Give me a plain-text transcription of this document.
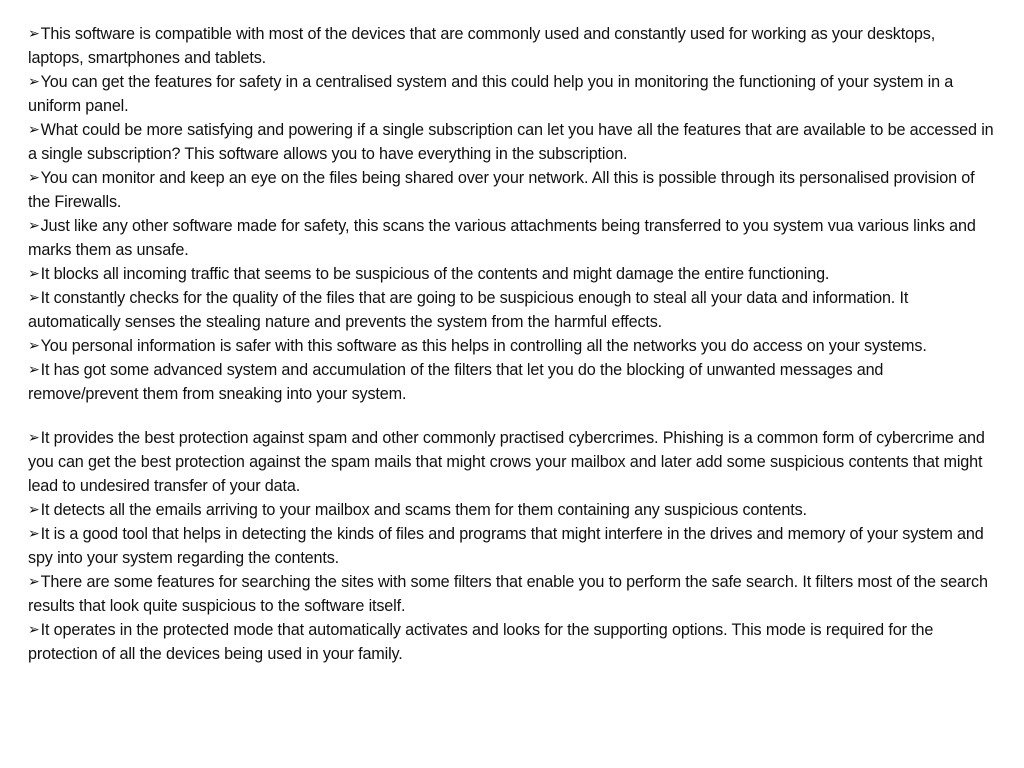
➢This software is compatible with most of the devices that are commonly used and constantly used for working as your desktops, laptops, smartphones and tablets.
➢You can get the features for safety in a centralised system and this could help you in monitoring the functioning of your system in a uniform panel.
➢What could be more satisfying and powering if a single subscription can let you have all the features that are available to be accessed in a single subscription? This software allows you to have everything in the subscription.
➢You can monitor and keep an eye on the files being shared over your network. All this is possible through its personalised provision of the Firewalls.
➢Just like any other software made for safety, this scans the various attachments being transferred to you system vua various links and marks them as unsafe.
➢It blocks all incoming traffic that seems to be suspicious of the contents and might damage the entire functioning.
➢It constantly checks for the quality of the files that are going to be suspicious enough to steal all your data and information. It automatically senses the stealing nature and prevents the system from the harmful effects.
➢You personal information is safer with this software as this helps in controlling all the networks you do access on your systems.
➢It has got some advanced system and accumulation of the filters that let you do the blocking of unwanted messages and remove/prevent them from sneaking into your system.
➢It provides the best protection against spam and other commonly practised cybercrimes. Phishing is a common form of cybercrime and you can get the best protection against the spam mails that might crows your mailbox and later add some suspicious contents that might lead to undesired transfer of your data.
➢It detects all the emails arriving to your mailbox and scams them for them containing any suspicious contents.
➢It is a good tool that helps in detecting the kinds of files and programs that might interfere in the drives and memory of your system and spy into your system regarding the contents.
➢There are some features for searching the sites with some filters that enable you to perform the safe search. It filters most of the search results that look quite suspicious to the software itself.
➢It operates in the protected mode that automatically activates and looks for the supporting options. This mode is required for the protection of all the devices being used in your family.
